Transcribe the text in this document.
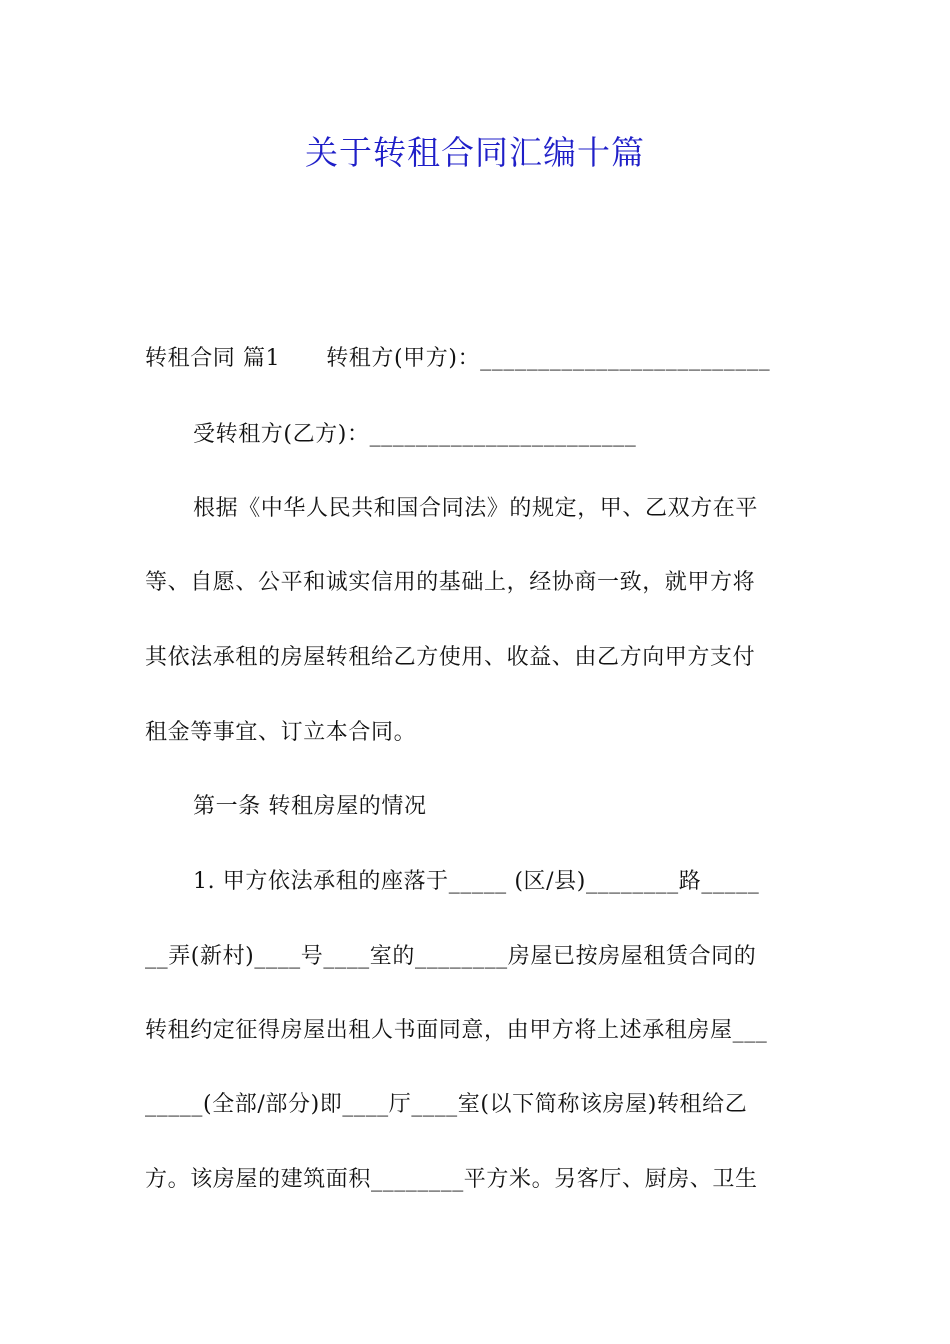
关于转租合同汇编十篇
转租合同 篇1 转租方(甲方)：_________________________
受转租方(乙方)：_______________________
根据《中华人民共和国合同法》的规定，甲、乙双方在平
等、自愿、公平和诚实信用的基础上，经协商一致，就甲方将
其依法承租的房屋转租给乙方使用、收益、由乙方向甲方支付
租金等事宜、订立本合同。
第一条 转租房屋的情况
1. 甲方依法承租的座落于_____ (区/县)________路_____
__弄(新村)____号____室的________房屋已按房屋租赁合同的
转租约定征得房屋出租人书面同意，由甲方将上述承租房屋___
_____(全部/部分)即____厅____室(以下简称该房屋)转租给乙
方。该房屋的建筑面积________平方米。另客厅、厨房、卫生
